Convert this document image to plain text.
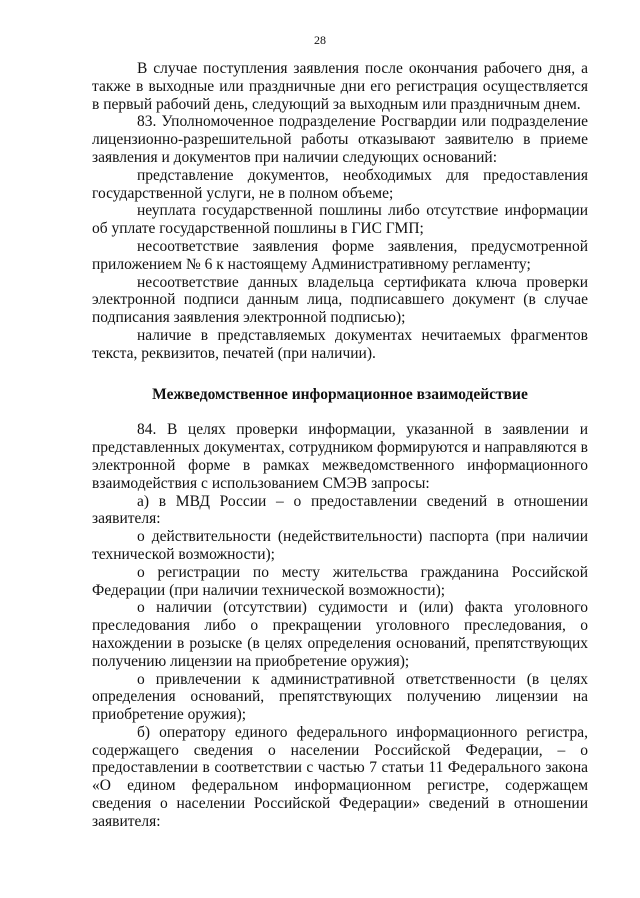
28

В случае поступления заявления после окончания рабочего дня, а также в выходные или праздничные дни его регистрация осуществляется в первый рабочий день, следующий за выходным или праздничным днем.

83. Уполномоченное подразделение Росгвардии или подразделение лицензионно-разрешительной работы отказывают заявителю в приеме заявления и документов при наличии следующих оснований:

представление документов, необходимых для предоставления государственной услуги, не в полном объеме;

неуплата государственной пошлины либо отсутствие информации об уплате государственной пошлины в ГИС ГМП;

несоответствие заявления форме заявления, предусмотренной приложением № 6 к настоящему Административному регламенту;

несоответствие данных владельца сертификата ключа проверки электронной подписи данным лица, подписавшего документ (в случае подписания заявления электронной подписью);

наличие в представляемых документах нечитаемых фрагментов текста, реквизитов, печатей (при наличии).

Межведомственное информационное взаимодействие

84. В целях проверки информации, указанной в заявлении и представленных документах, сотрудником формируются и направляются в электронной форме в рамках межведомственного информационного взаимодействия с использованием СМЭВ запросы:

а) в МВД России – о предоставлении сведений в отношении заявителя:

о действительности (недействительности) паспорта (при наличии технической возможности);

о регистрации по месту жительства гражданина Российской Федерации (при наличии технической возможности);

о наличии (отсутствии) судимости и (или) факта уголовного преследования либо о прекращении уголовного преследования, о нахождении в розыске (в целях определения оснований, препятствующих получению лицензии на приобретение оружия);

о привлечении к административной ответственности (в целях определения оснований, препятствующих получению лицензии на приобретение оружия);

б) оператору единого федерального информационного регистра, содержащего сведения о населении Российской Федерации, – о предоставлении в соответствии с частью 7 статьи 11 Федерального закона «О едином федеральном информационном регистре, содержащем сведения о населении Российской Федерации» сведений в отношении заявителя:
